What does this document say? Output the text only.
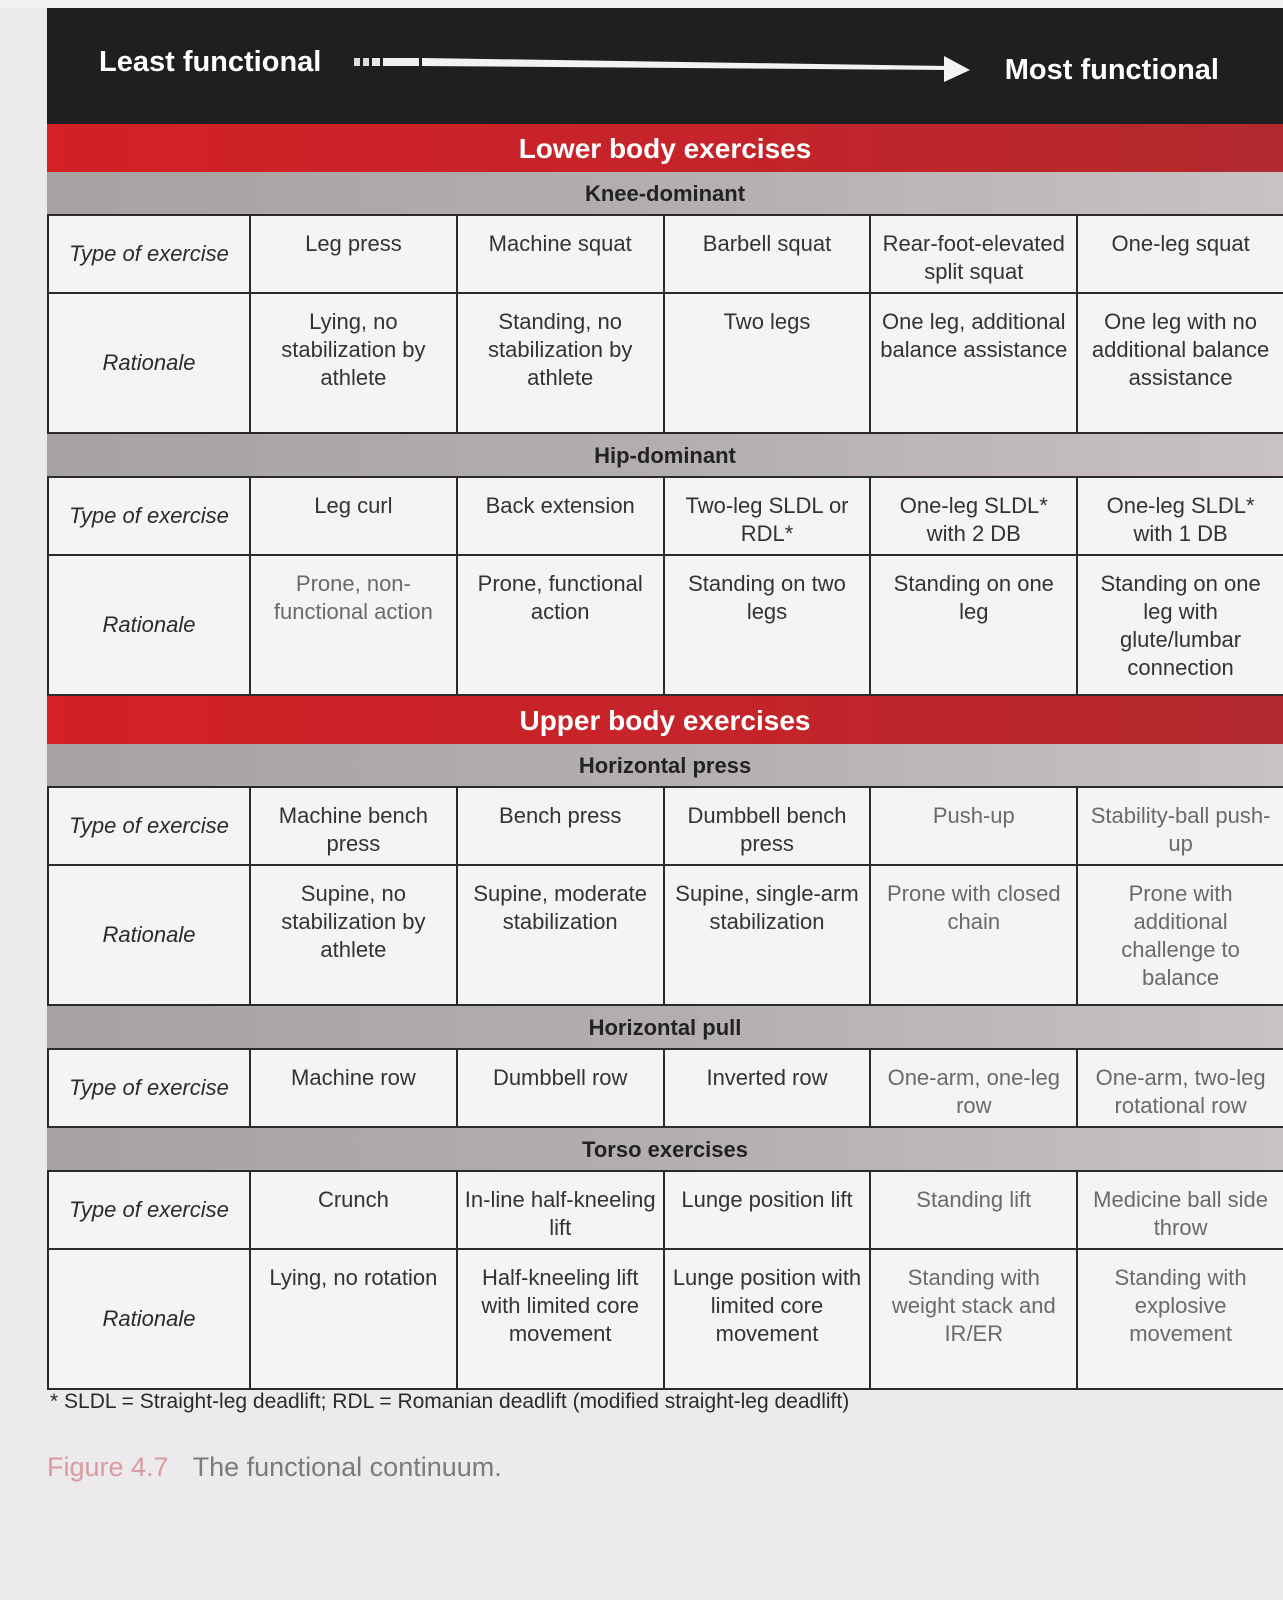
Least functional	Most functional
Lower body exercises
Knee-dominant
Type of exercise	Leg press	Machine squat	Barbell squat	Rear-foot-elevated split squat	One-leg squat
Rationale	Lying, no stabilization by athlete	Standing, no stabilization by athlete	Two legs	One leg, additional balance assistance	One leg with no additional balance assistance
Hip-dominant
Type of exercise	Leg curl	Back extension	Two-leg SLDL or RDL*	One-leg SLDL* with 2 DB	One-leg SLDL* with 1 DB
Rationale	Prone, non-functional action	Prone, functional action	Standing on two legs	Standing on one leg	Standing on one leg with glute/lumbar connection
Upper body exercises
Horizontal press
Type of exercise	Machine bench press	Bench press	Dumbbell bench press	Push-up	Stability-ball push-up
Rationale	Supine, no stabilization by athlete	Supine, moderate stabilization	Supine, single-arm stabilization	Prone with closed chain	Prone with additional challenge to balance
Horizontal pull
Type of exercise	Machine row	Dumbbell row	Inverted row	One-arm, one-leg row	One-arm, two-leg rotational row
Torso exercises
Type of exercise	Crunch	In-line half-kneeling lift	Lunge position lift	Standing lift	Medicine ball side throw
Rationale	Lying, no rotation	Half-kneeling lift with limited core movement	Lunge position with limited core movement	Standing with weight stack and IR/ER	Standing with explosive movement
* SLDL = Straight-leg deadlift; RDL = Romanian deadlift (modified straight-leg deadlift)
Figure 4.7 The functional continuum.
